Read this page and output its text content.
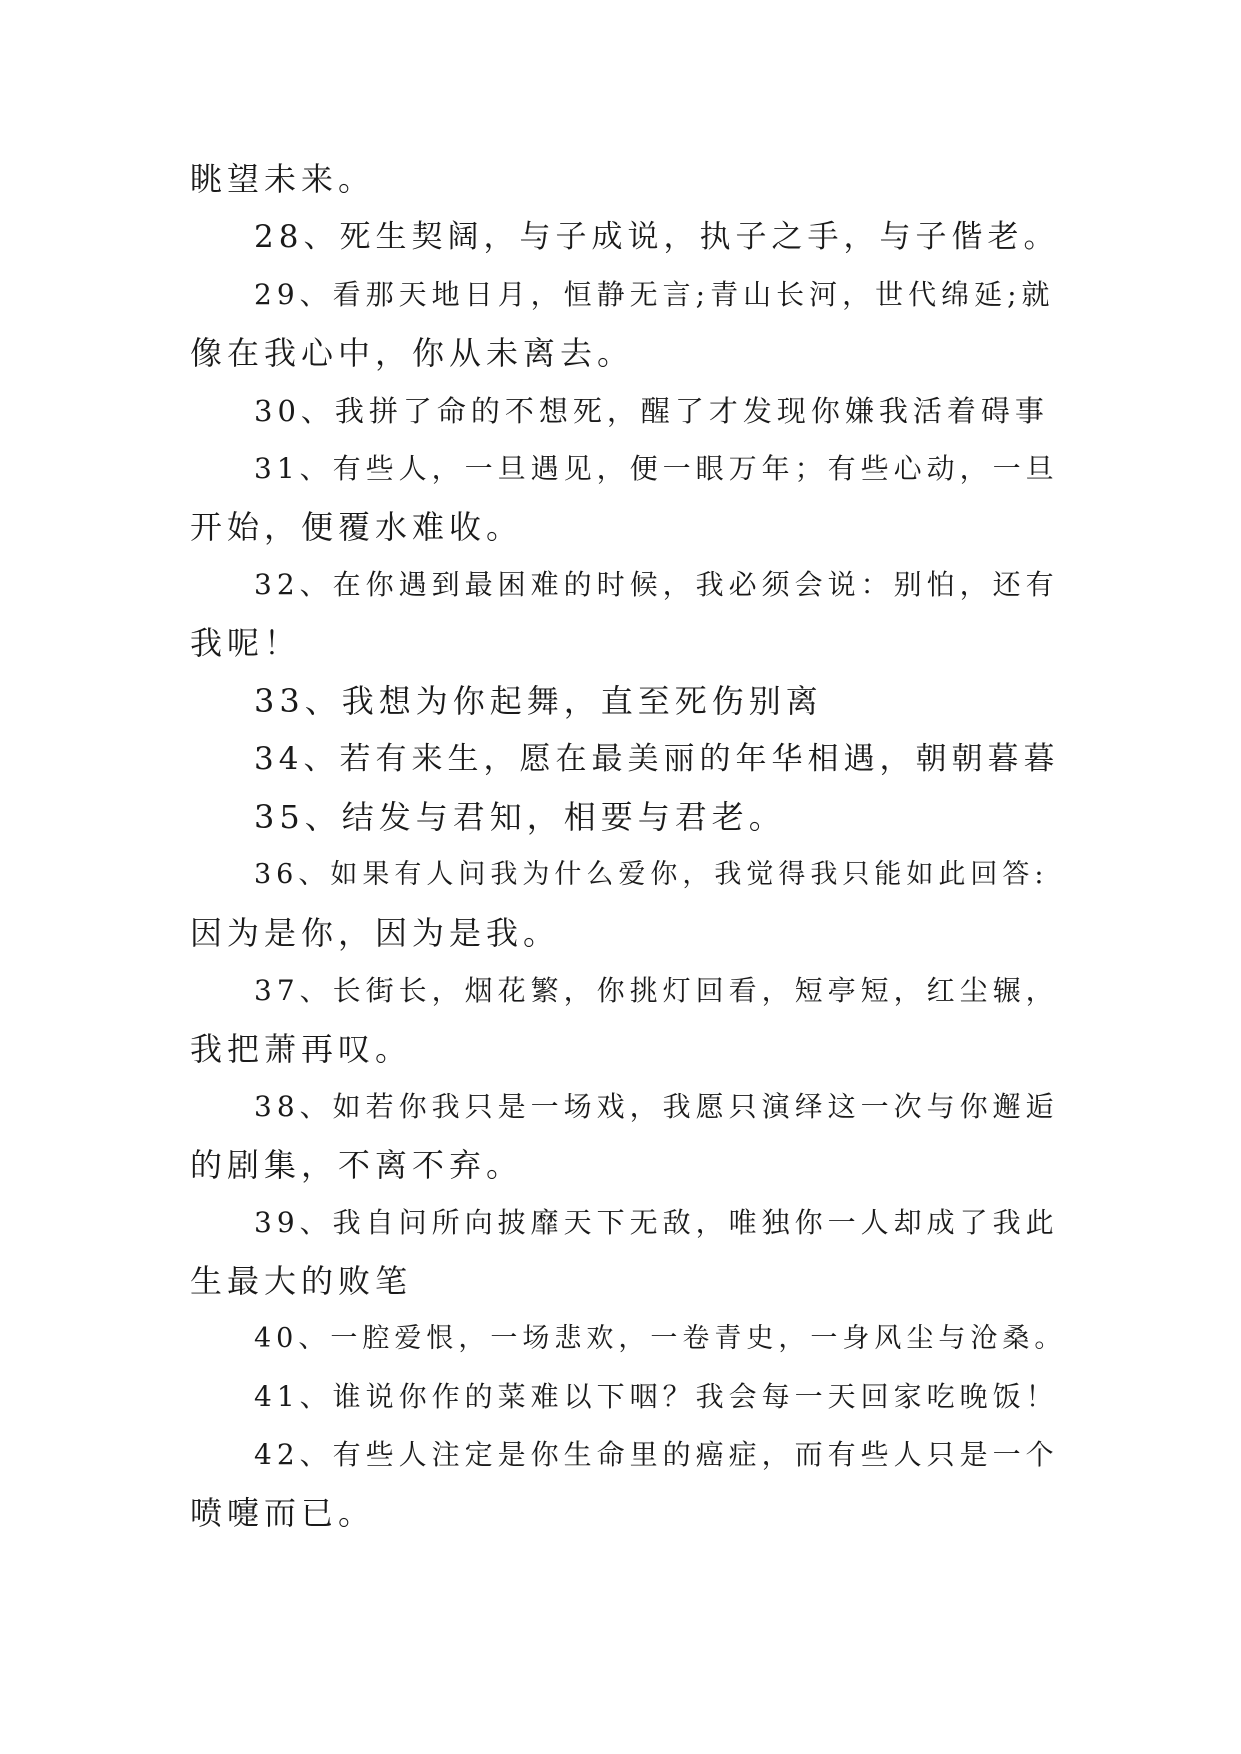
眺望未来。
28、死生契阔，与子成说，执子之手，与子偕老。
29、看那天地日月，恒静无言;青山长河，世代绵延;就
像在我心中，你从未离去。
30、我拼了命的不想死，醒了才发现你嫌我活着碍事
31、有些人，一旦遇见，便一眼万年；有些心动，一旦
开始，便覆水难收。
32、在你遇到最困难的时候，我必须会说：别怕，还有
我呢！
33、我想为你起舞，直至死伤别离
34、若有来生，愿在最美丽的年华相遇，朝朝暮暮
35、结发与君知，相要与君老。
36、如果有人问我为什么爱你，我觉得我只能如此回答:
因为是你，因为是我。
37、长街长，烟花繁，你挑灯回看，短亭短，红尘辗，
我把萧再叹。
38、如若你我只是一场戏，我愿只演绎这一次与你邂逅
的剧集，不离不弃。
39、我自问所向披靡天下无敌，唯独你一人却成了我此
生最大的败笔
40、一腔爱恨，一场悲欢，一卷青史，一身风尘与沧桑。
41、谁说你作的菜难以下咽？我会每一天回家吃晚饭！
42、有些人注定是你生命里的癌症，而有些人只是一个
喷嚏而已。
